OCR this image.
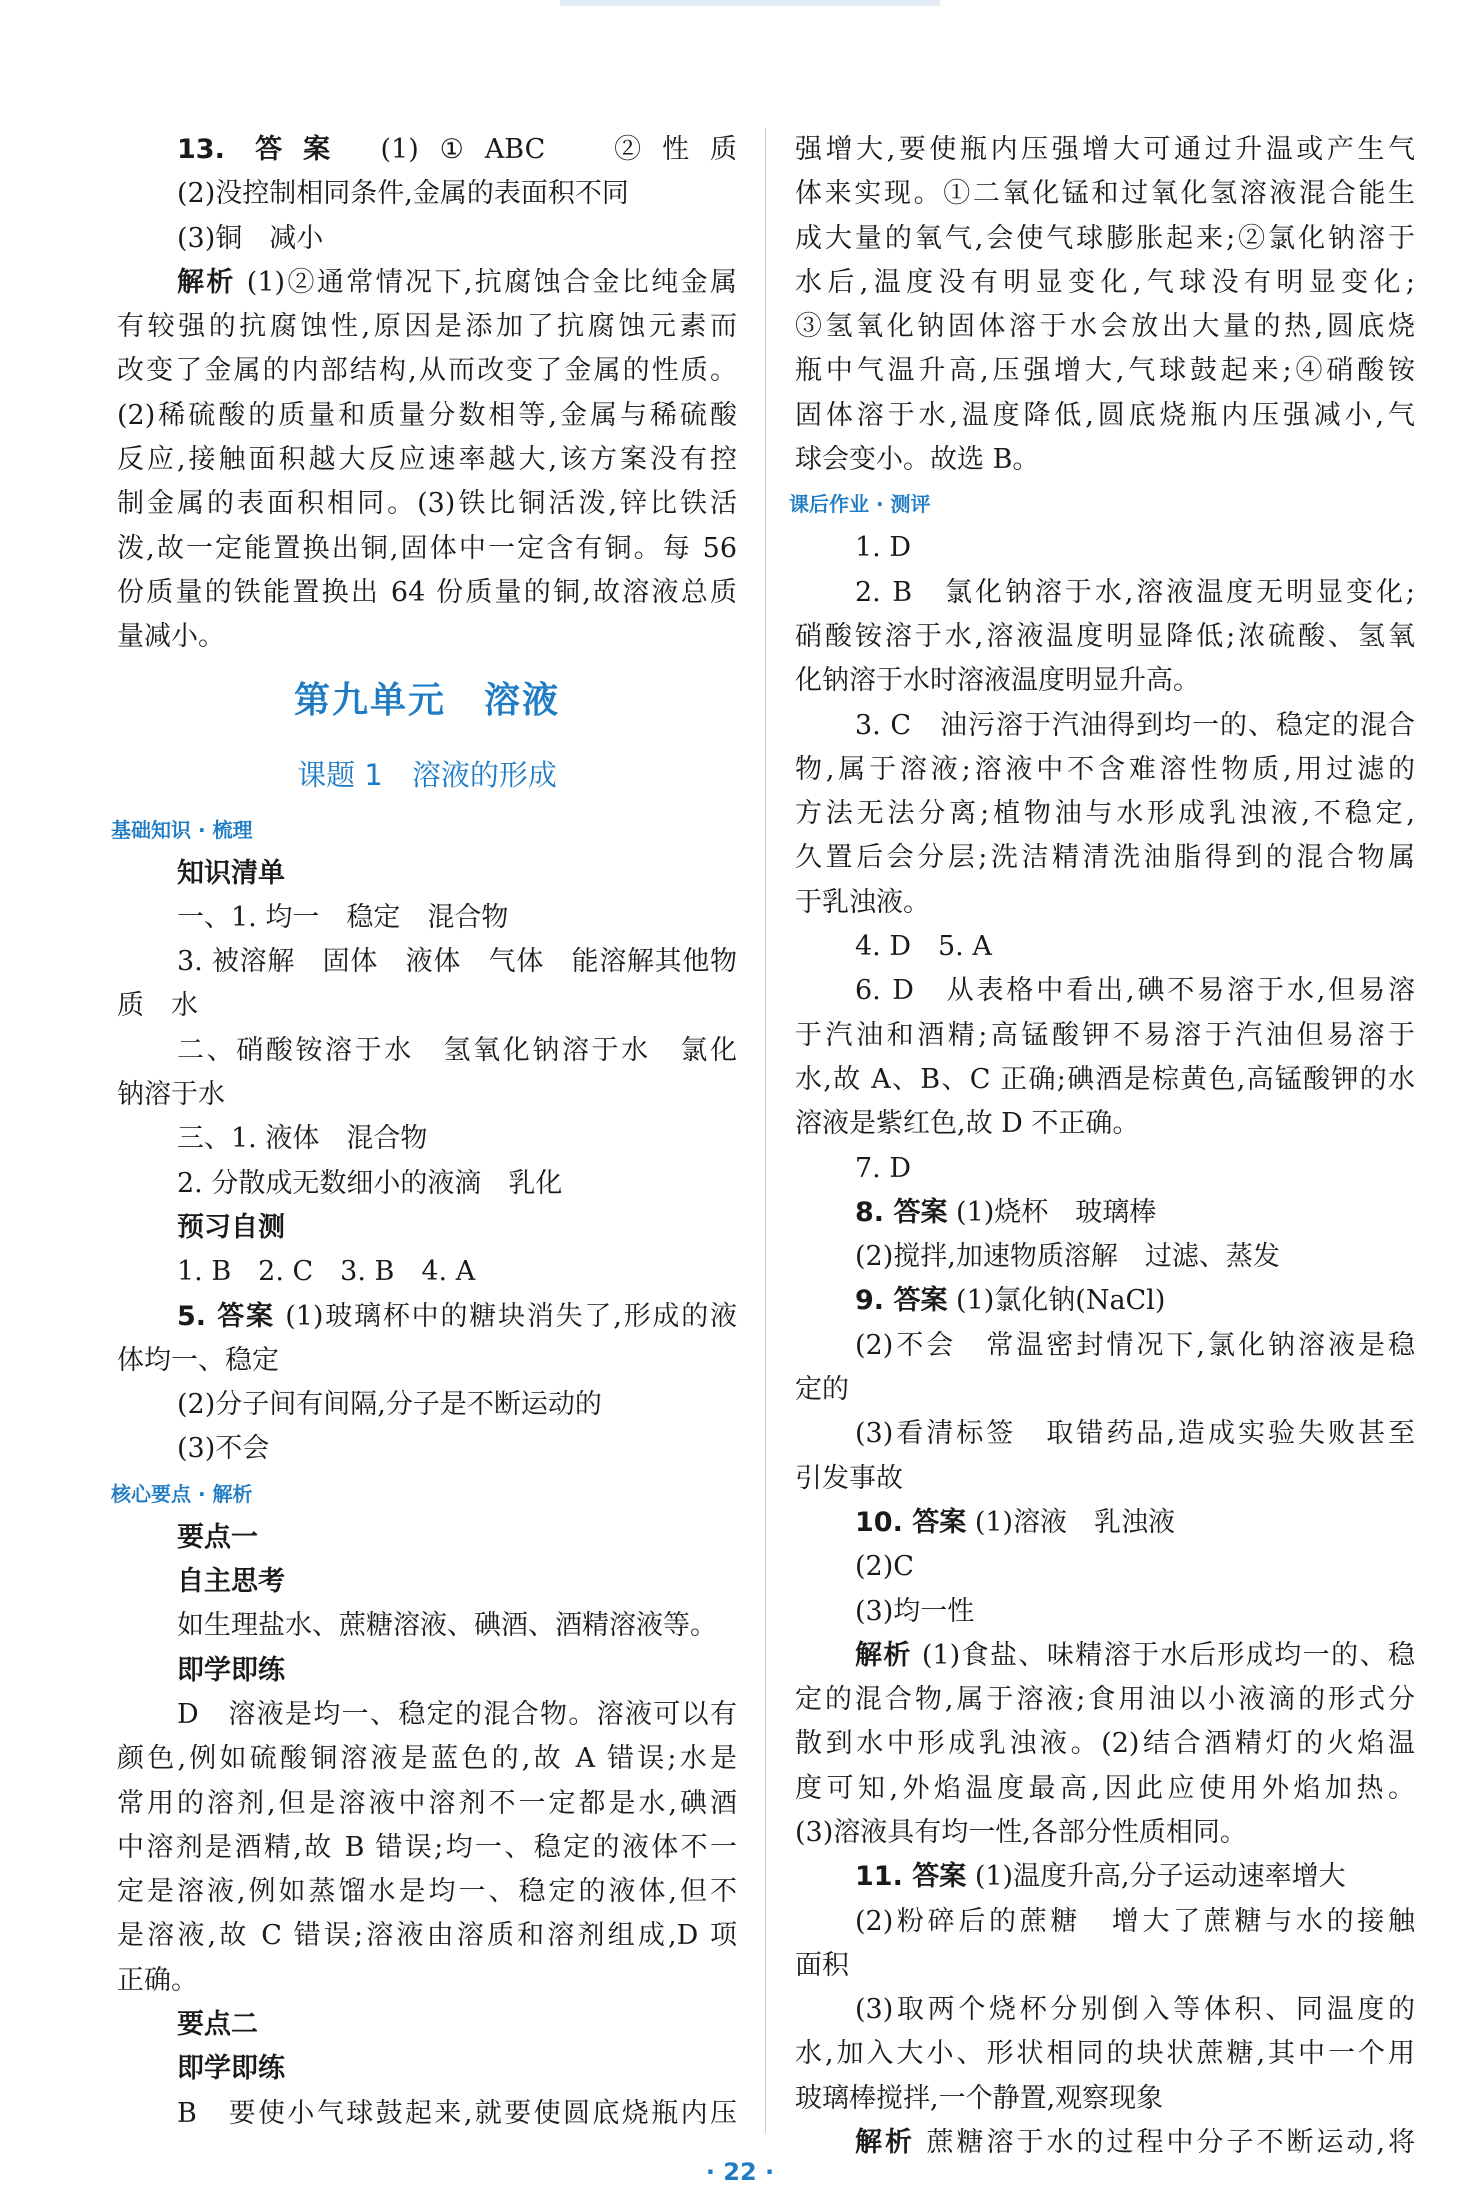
13. 答案 (1)①ABC　②性质
(2)没控制相同条件,金属的表面积不同
(3)铜　减小
解析 (1)②通常情况下,抗腐蚀合金比纯金属
有较强的抗腐蚀性,原因是添加了抗腐蚀元素而
改变了金属的内部结构,从而改变了金属的性质。
(2)稀硫酸的质量和质量分数相等,金属与稀硫酸
反应,接触面积越大反应速率越大,该方案没有控
制金属的表面积相同。(3)铁比铜活泼,锌比铁活
泼,故一定能置换出铜,固体中一定含有铜。每 56
份质量的铁能置换出 64 份质量的铜,故溶液总质
量减小。
第九单元　溶液
课题 1　溶液的形成
基础知识 · 梳理
知识清单
一、1. 均一　稳定　混合物
3. 被溶解　固体　液体　气体　能溶解其他物
质　水
二、硝酸铵溶于水　氢氧化钠溶于水　氯化
钠溶于水
三、1. 液体　混合物
2. 分散成无数细小的液滴　乳化
预习自测
1. B　2. C　3. B　4. A
5. 答案 (1)玻璃杯中的糖块消失了,形成的液
体均一、稳定
(2)分子间有间隔,分子是不断运动的
(3)不会
核心要点 · 解析
要点一
自主思考
如生理盐水、蔗糖溶液、碘酒、酒精溶液等。
即学即练
D　溶液是均一、稳定的混合物。溶液可以有
颜色,例如硫酸铜溶液是蓝色的,故 A 错误;水是
常用的溶剂,但是溶液中溶剂不一定都是水,碘酒
中溶剂是酒精,故 B 错误;均一、稳定的液体不一
定是溶液,例如蒸馏水是均一、稳定的液体,但不
是溶液,故 C 错误;溶液由溶质和溶剂组成,D 项
正确。
要点二
即学即练
B　要使小气球鼓起来,就要使圆底烧瓶内压
强增大,要使瓶内压强增大可通过升温或产生气
体来实现。①二氧化锰和过氧化氢溶液混合能生
成大量的氧气,会使气球膨胀起来;②氯化钠溶于
水后,温度没有明显变化,气球没有明显变化;
③氢氧化钠固体溶于水会放出大量的热,圆底烧
瓶中气温升高,压强增大,气球鼓起来;④硝酸铵
固体溶于水,温度降低,圆底烧瓶内压强减小,气
球会变小。故选 B。
课后作业 · 测评
1. D
2. B　氯化钠溶于水,溶液温度无明显变化;
硝酸铵溶于水,溶液温度明显降低;浓硫酸、氢氧
化钠溶于水时溶液温度明显升高。
3. C　油污溶于汽油得到均一的、稳定的混合
物,属于溶液;溶液中不含难溶性物质,用过滤的
方法无法分离;植物油与水形成乳浊液,不稳定,
久置后会分层;洗洁精清洗油脂得到的混合物属
于乳浊液。
4. D　5. A
6. D　从表格中看出,碘不易溶于水,但易溶
于汽油和酒精;高锰酸钾不易溶于汽油但易溶于
水,故 A、B、C 正确;碘酒是棕黄色,高锰酸钾的水
溶液是紫红色,故 D 不正确。
7. D
8. 答案 (1)烧杯　玻璃棒
(2)搅拌,加速物质溶解　过滤、蒸发
9. 答案 (1)氯化钠(NaCl)
(2)不会　常温密封情况下,氯化钠溶液是稳
定的
(3)看清标签　取错药品,造成实验失败甚至
引发事故
10. 答案 (1)溶液　乳浊液
(2)C
(3)均一性
解析 (1)食盐、味精溶于水后形成均一的、稳
定的混合物,属于溶液;食用油以小液滴的形式分
散到水中形成乳浊液。(2)结合酒精灯的火焰温
度可知,外焰温度最高,因此应使用外焰加热。
(3)溶液具有均一性,各部分性质相同。
11. 答案 (1)温度升高,分子运动速率增大
(2)粉碎后的蔗糖　增大了蔗糖与水的接触
面积
(3)取两个烧杯分别倒入等体积、同温度的
水,加入大小、形状相同的块状蔗糖,其中一个用
玻璃棒搅拌,一个静置,观察现象
解析 蔗糖溶于水的过程中分子不断运动,将
· 22 ·
